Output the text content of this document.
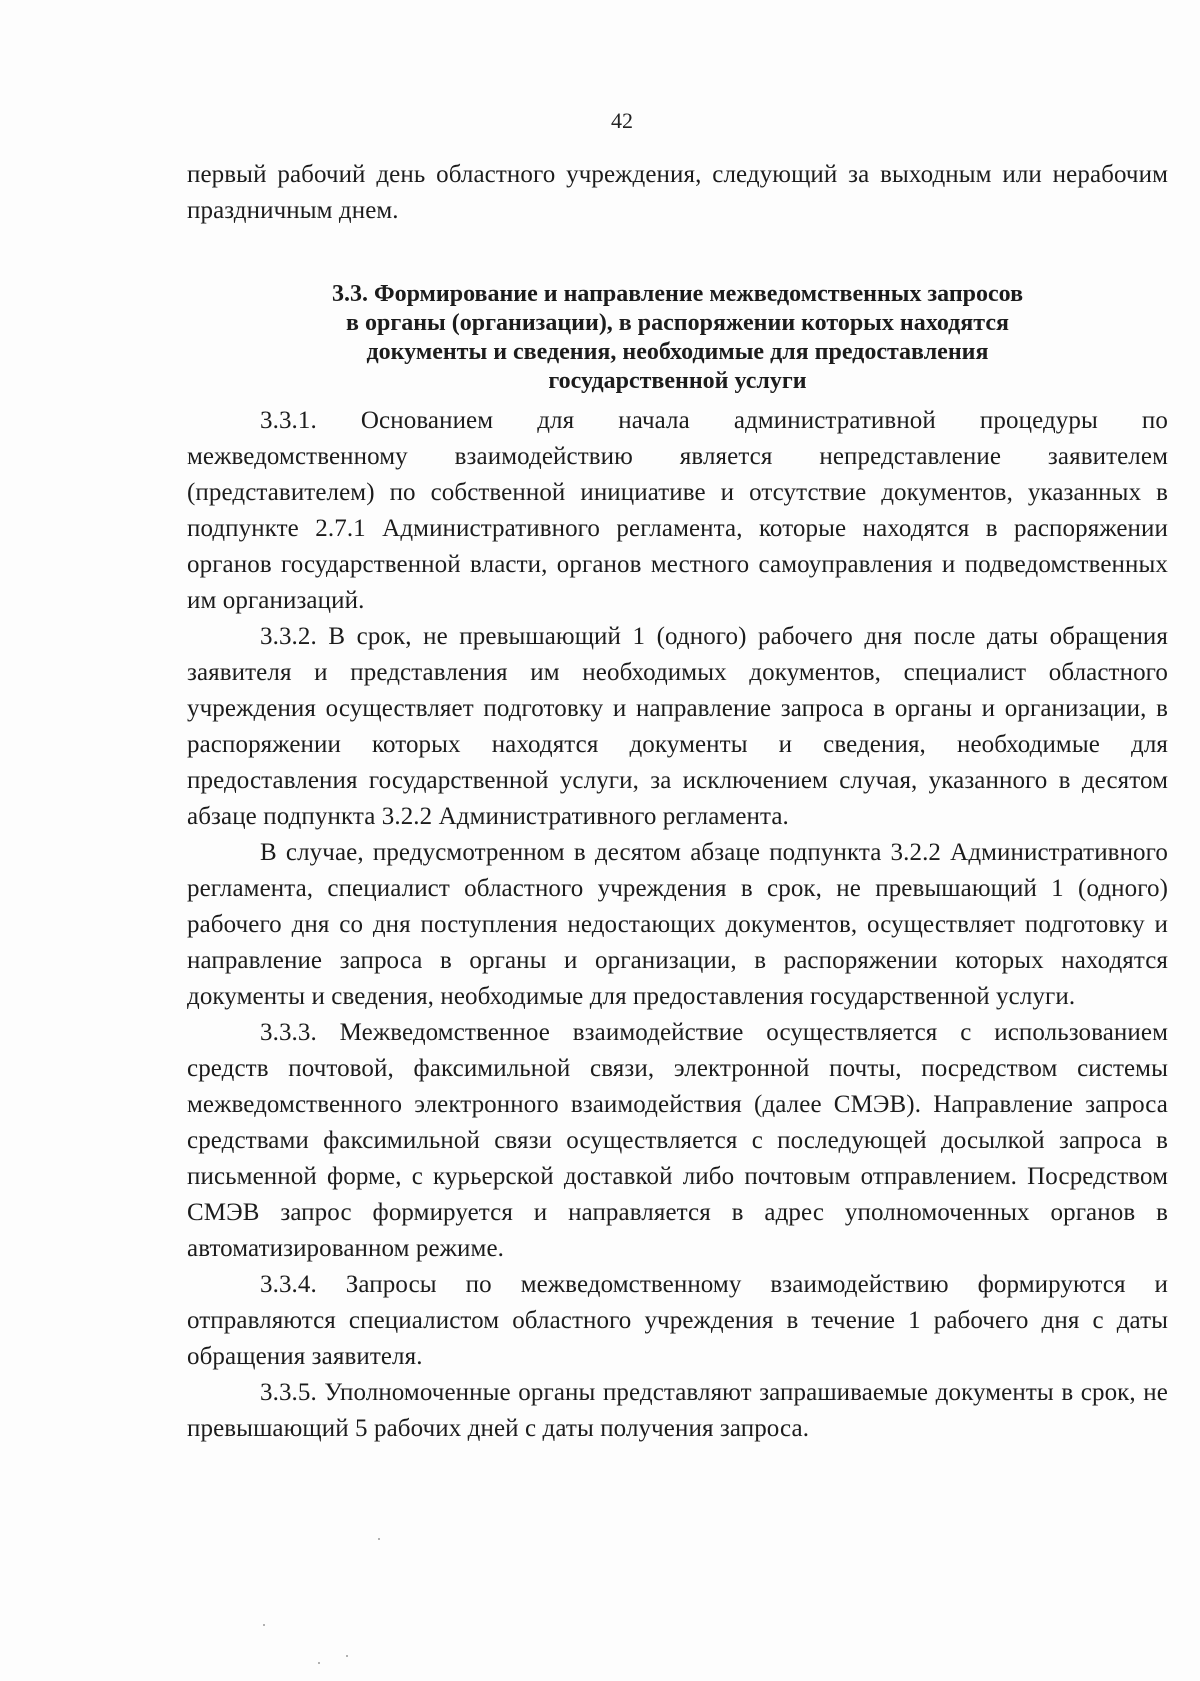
42

первый рабочий день областного учреждения, следующий за выходным или нерабочим праздничным днем.

3.3. Формирование и направление межведомственных запросов
в органы (организации), в распоряжении которых находятся
документы и сведения, необходимые для предоставления
государственной услуги

3.3.1. Основанием для начала административной процедуры по межведомственному взаимодействию является непредставление заявителем (представителем) по собственной инициативе и отсутствие документов, указанных в подпункте 2.7.1 Административного регламента, которые находятся в распоряжении органов государственной власти, органов местного самоуправления и подведомственных им организаций.

3.3.2. В срок, не превышающий 1 (одного) рабочего дня после даты обращения заявителя и представления им необходимых документов, специалист областного учреждения осуществляет подготовку и направление запроса в органы и организации, в распоряжении которых находятся документы и сведения, необходимые для предоставления государственной услуги, за исключением случая, указанного в десятом абзаце подпункта 3.2.2 Административного регламента.

В случае, предусмотренном в десятом абзаце подпункта 3.2.2 Административного регламента, специалист областного учреждения в срок, не превышающий 1 (одного) рабочего дня со дня поступления недостающих документов, осуществляет подготовку и направление запроса в органы и организации, в распоряжении которых находятся документы и сведения, необходимые для предоставления государственной услуги.

3.3.3. Межведомственное взаимодействие осуществляется с использованием средств почтовой, факсимильной связи, электронной почты, посредством системы межведомственного электронного взаимодействия (далее СМЭВ). Направление запроса средствами факсимильной связи осуществляется с последующей досылкой запроса в письменной форме, с курьерской доставкой либо почтовым отправлением. Посредством СМЭВ запрос формируется и направляется в адрес уполномоченных органов в автоматизированном режиме.

3.3.4. Запросы по межведомственному взаимодействию формируются и отправляются специалистом областного учреждения в течение 1 рабочего дня с даты обращения заявителя.

3.3.5. Уполномоченные органы представляют запрашиваемые документы в срок, не превышающий 5 рабочих дней с даты получения запроса.
